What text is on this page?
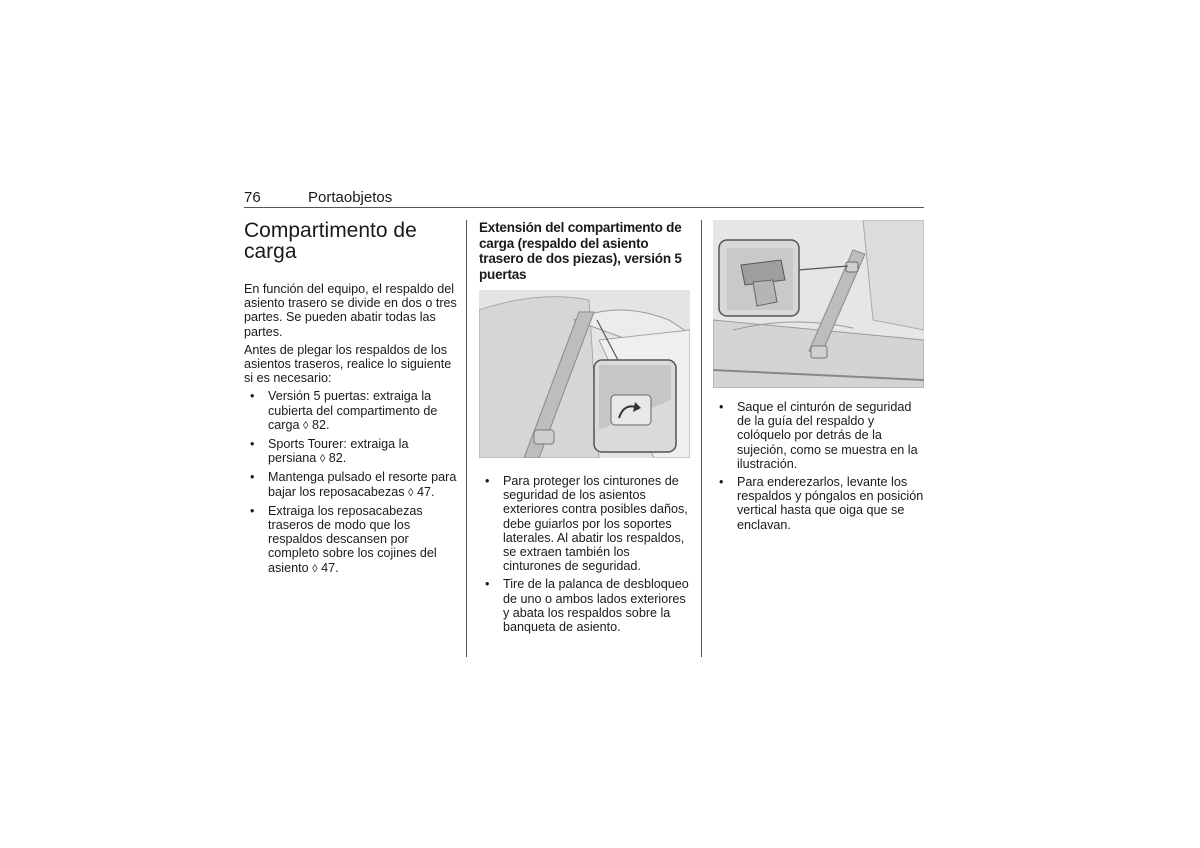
76	Portaobjetos
Compartimento de carga

En función del equipo, el respaldo del asiento trasero se divide en dos o tres partes. Se pueden abatir todas las partes.

Antes de plegar los respaldos de los asientos traseros, realice lo siguiente si es necesario:

• Versión 5 puertas: extraiga la cubierta del compartimento de carga ◊ 82.
• Sports Tourer: extraiga la persiana ◊ 82.
• Mantenga pulsado el resorte para bajar los reposacabezas ◊ 47.
• Extraiga los reposacabezas traseros de modo que los respaldos descansen por completo sobre los cojines del asiento ◊ 47.
Extensión del compartimento de carga (respaldo del asiento trasero de dos piezas), versión 5 puertas
• Para proteger los cinturones de seguridad de los asientos exteriores contra posibles daños, debe guiarlos por los soportes laterales. Al abatir los respaldos, se extraen también los cinturones de seguridad.
• Tire de la palanca de desbloqueo de uno o ambos lados exteriores y abata los respaldos sobre la banqueta de asiento.
• Saque el cinturón de seguridad de la guía del respaldo y colóquelo por detrás de la sujeción, como se muestra en la ilustración.
• Para enderezarlos, levante los respaldos y póngalos en posición vertical hasta que oiga que se enclavan.
